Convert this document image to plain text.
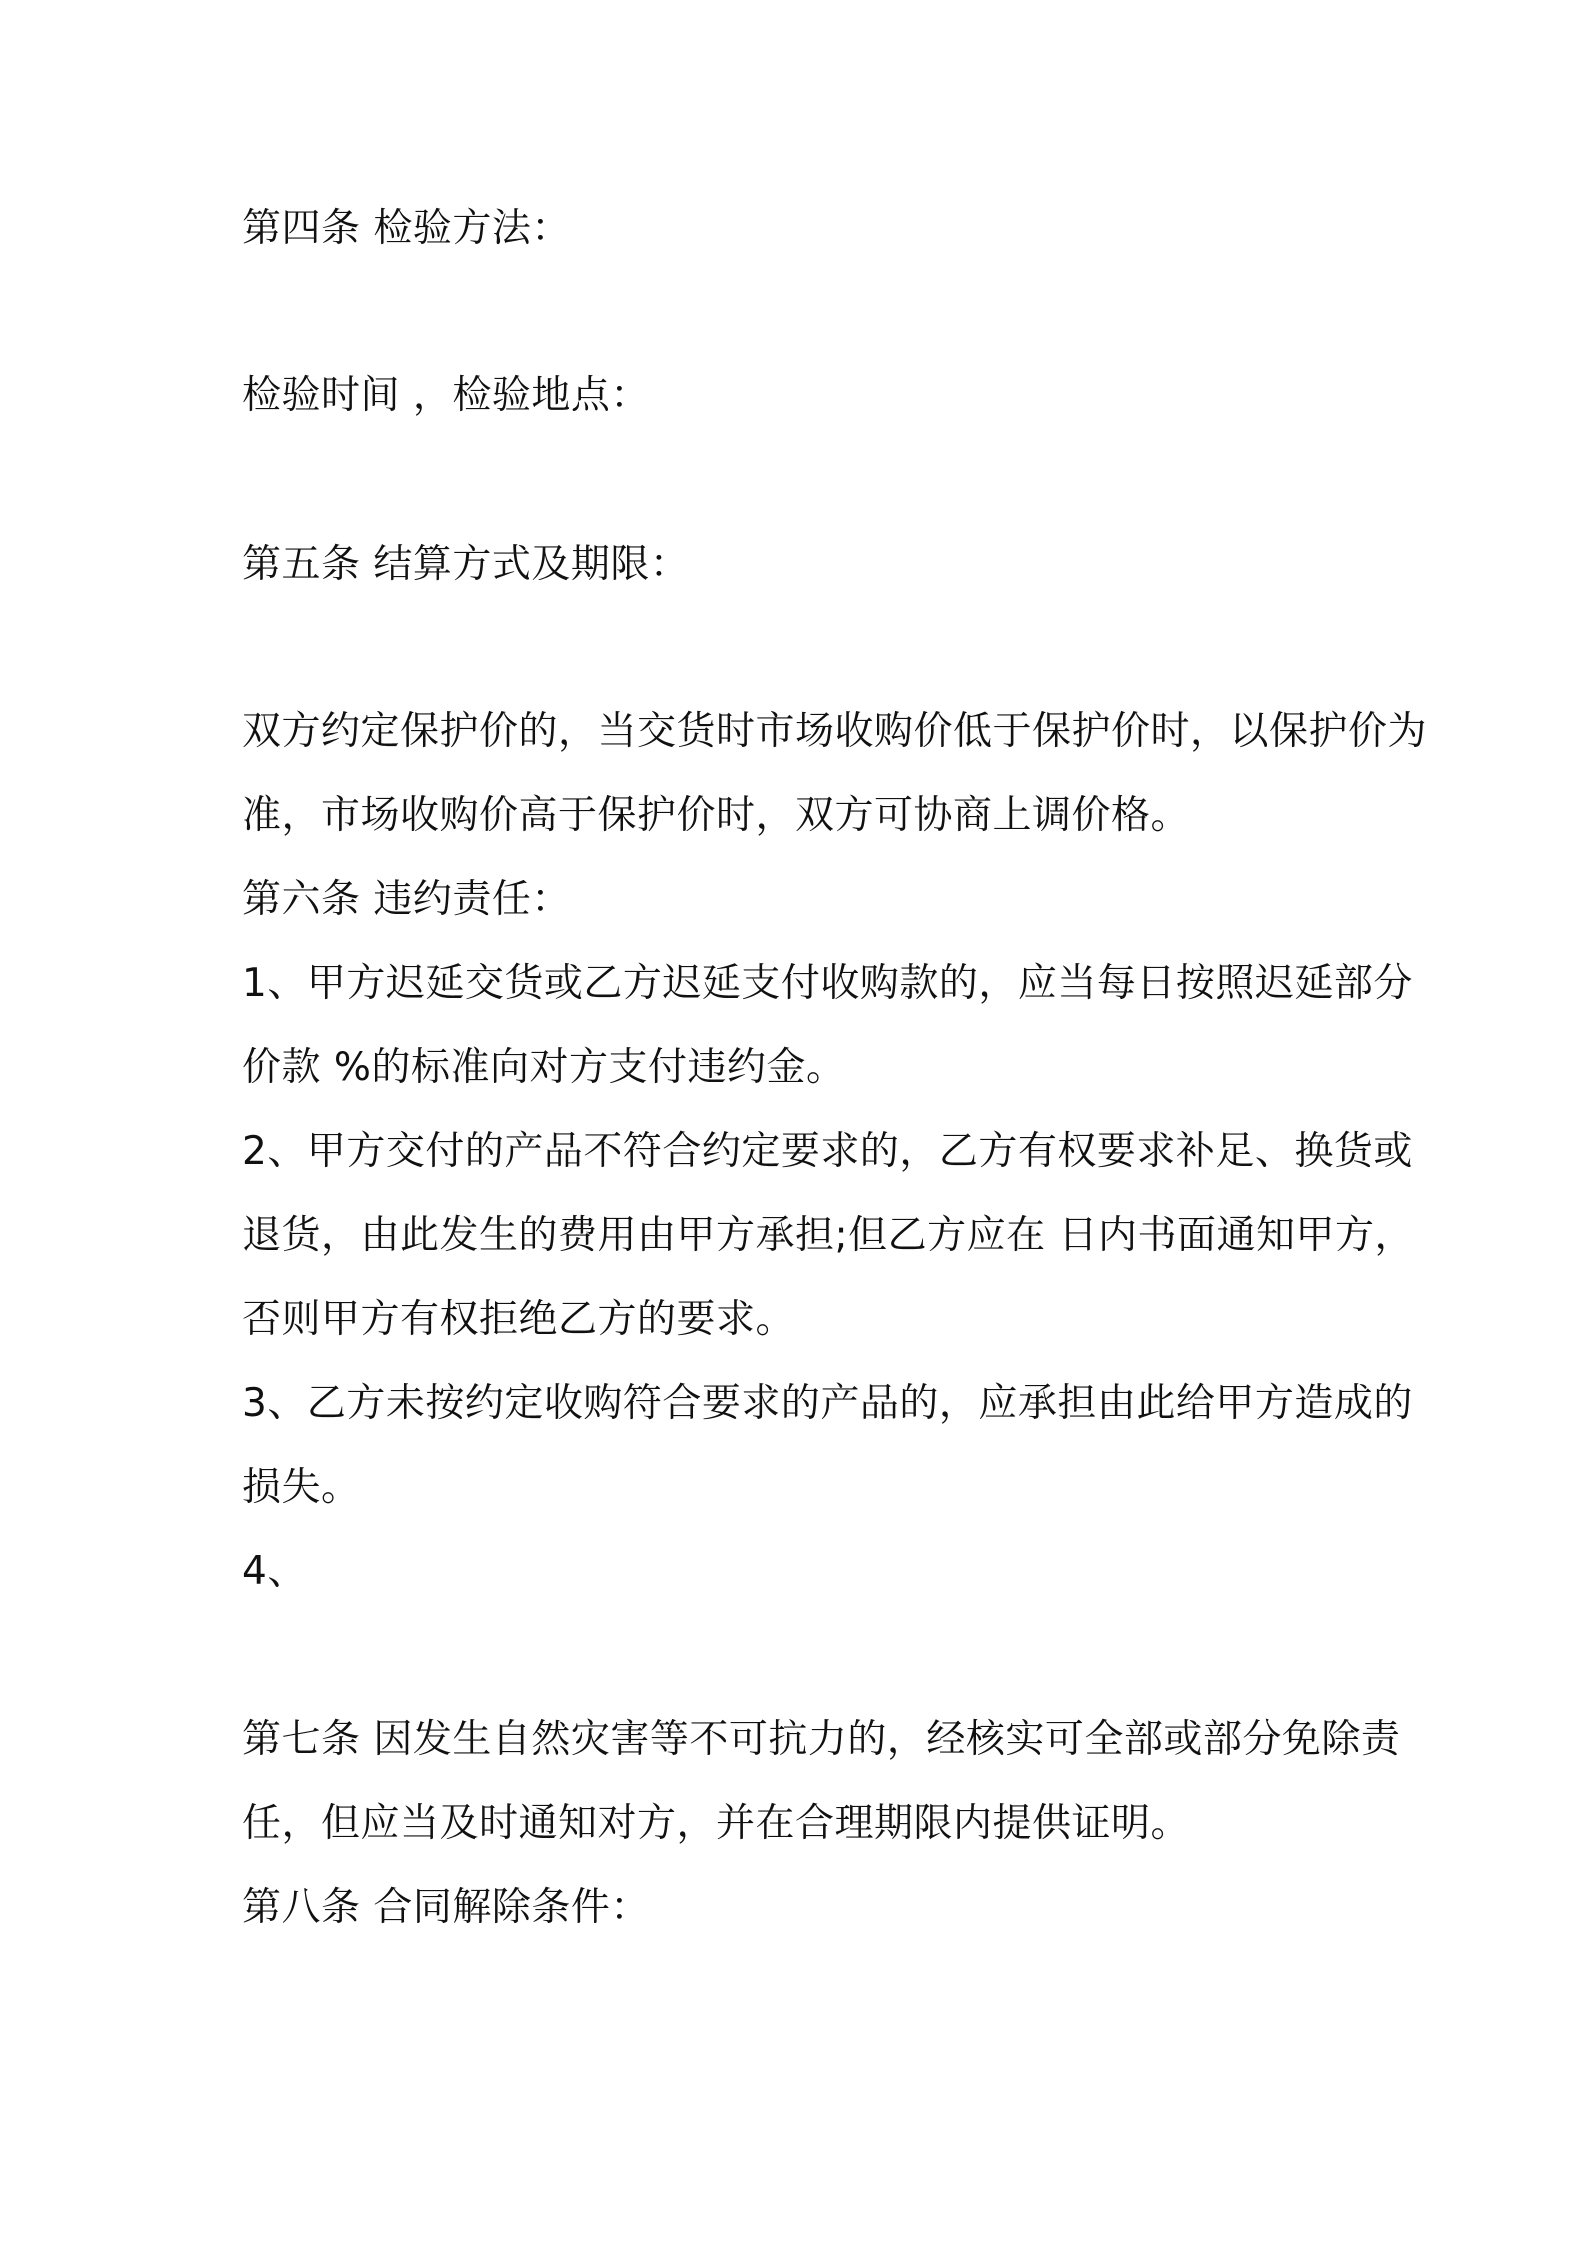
第四条 检验方法：
检验时间 ，检验地点：
第五条 结算方式及期限：
双方约定保护价的，当交货时市场收购价低于保护价时，以保护价为
准，市场收购价高于保护价时，双方可协商上调价格。
第六条 违约责任：
1、甲方迟延交货或乙方迟延支付收购款的，应当每日按照迟延部分
价款 %的标准向对方支付违约金。
2、甲方交付的产品不符合约定要求的，乙方有权要求补足、换货或
退货，由此发生的费用由甲方承担;但乙方应在 日内书面通知甲方，
否则甲方有权拒绝乙方的要求。
3、乙方未按约定收购符合要求的产品的，应承担由此给甲方造成的
损失。
4、
第七条 因发生自然灾害等不可抗力的，经核实可全部或部分免除责
任，但应当及时通知对方，并在合理期限内提供证明。
第八条 合同解除条件：
